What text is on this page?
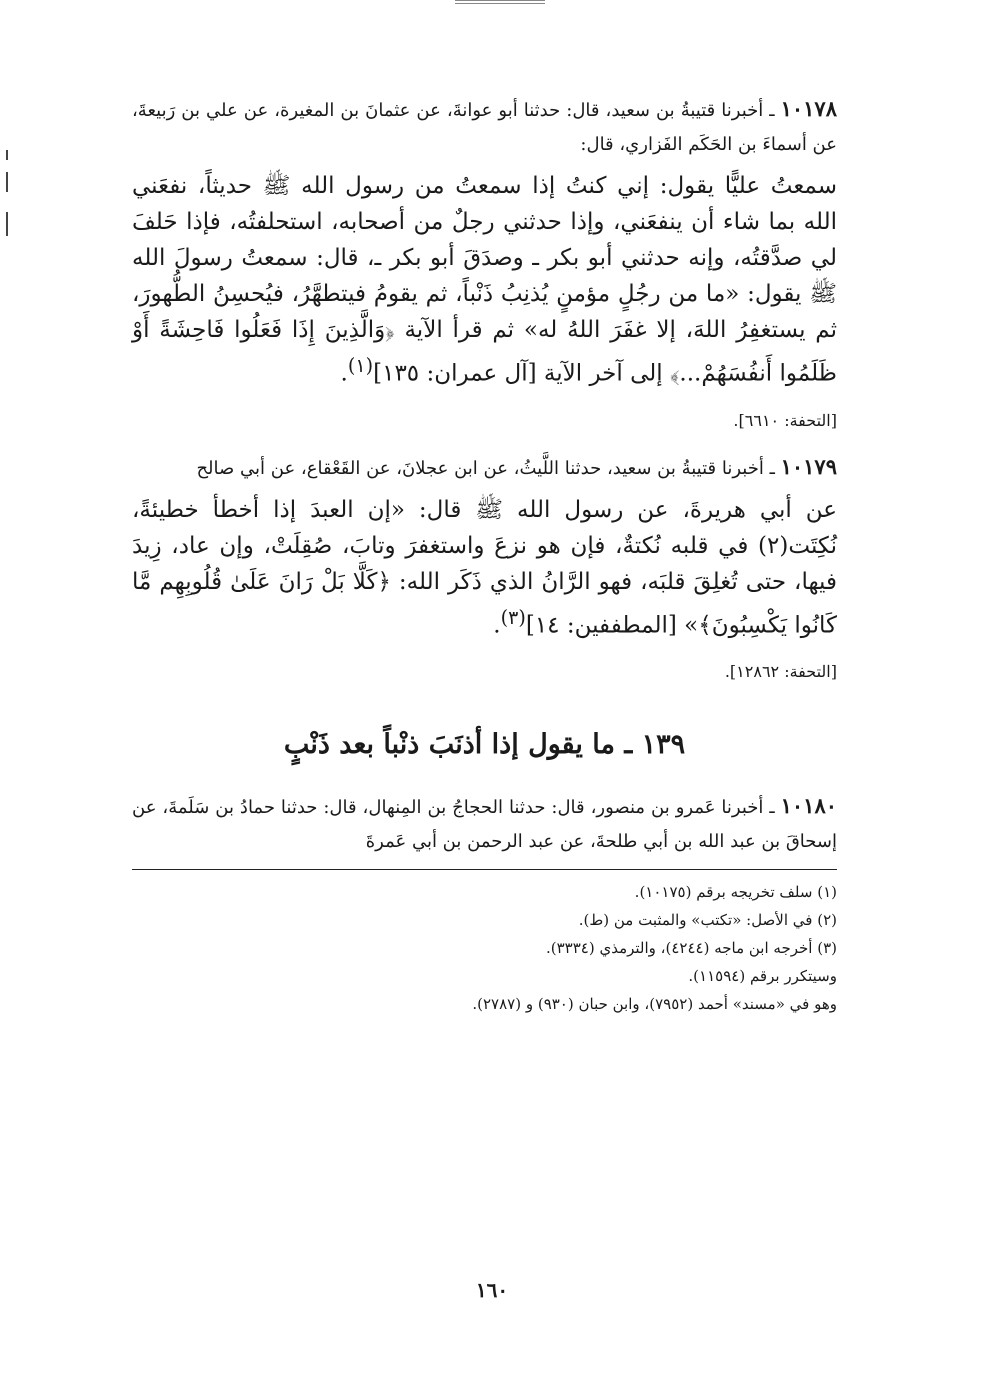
١٠١٧٨ ـ أخبرنا قتيبةُ بن سعيد، قال: حدثنا أبو عوانةَ، عن عثمانَ بن المغيرة، عن علي بن رَبيعةَ، عن أسماءَ بن الحَكَم الفَزاري، قال:

سمعتُ عليًّا يقول: إني كنتُ إذا سمعتُ من رسول الله ﷺ حديثاً، نفعَني الله بما شاء أن ينفعَني، وإذا حدثني رجلٌ من أصحابه، استحلفتُه، فإذا حَلفَ لي صدَّقتُه، وإنه حدثني أبو بكر ـ وصدَقَ أبو بكر ـ، قال: سمعتُ رسولَ الله ﷺ يقول: «ما من رجُلٍ مؤمنٍ يُذنِبُ ذَنْباً، ثم يقومُ فيتطهَّرُ، فيُحسِنُ الطُّهورَ، ثم يستغفِرُ اللهَ، إلا غفَرَ اللهُ له» ثم قرأ الآية ﴿وَالَّذِينَ إِذَا فَعَلُوا فَاحِشَةً أَوْ ظَلَمُوا أَنفُسَهُمْ...﴾ إلى آخر الآية [آل عمران: ١٣٥]$^{(١)}$.

[التحفة: ٦٦١٠].

١٠١٧٩ ـ أخبرنا قتيبةُ بن سعيد، حدثنا اللَّيثُ، عن ابن عجلانَ، عن القَعْقاع، عن أبي صالح

عن أبي هريرةَ، عن رسول الله ﷺ قال: «إن العبدَ إذا أخطأ خطيئةً، نُكِتَت(٢) في قلبه نُكتةٌ، فإن هو نزعَ واستغفرَ وتابَ، صُقِلَتْ، وإن عاد، زِيدَ فيها، حتى تُغلِقَ قلبَه، فهو الرَّانُ الذي ذَكَر الله: ﴿كَلَّا بَلْ رَانَ عَلَىٰ قُلُوبِهِم مَّا كَانُوا يَكْسِبُونَ﴾» [المطففين: ١٤]$^{(٣)}$.

[التحفة: ١٢٨٦٢].

١٣٩ ـ ما يقول إذا أذنَبَ ذنْباً بعد ذَنْبٍ

١٠١٨٠ ـ أخبرنا عَمرو بن منصور، قال: حدثنا الحجاجُ بن المِنهال، قال: حدثنا حمادُ بن سَلَمةَ، عن إسحاقَ بن عبد الله بن أبي طلحةَ، عن عبد الرحمن بن أبي عَمرةَ

(١) سلف تخريجه برقم (١٠١٧٥).

(٢) في الأصل: «تكتب» والمثبت من (ط).

(٣) أخرجه ابن ماجه (٤٢٤٤)، والترمذي (٣٣٣٤).

وسيتكرر برقم (١١٥٩٤).

وهو في «مسند» أحمد (٧٩٥٢)، وابن حبان (٩٣٠) و (٢٧٨٧).

١٦٠
